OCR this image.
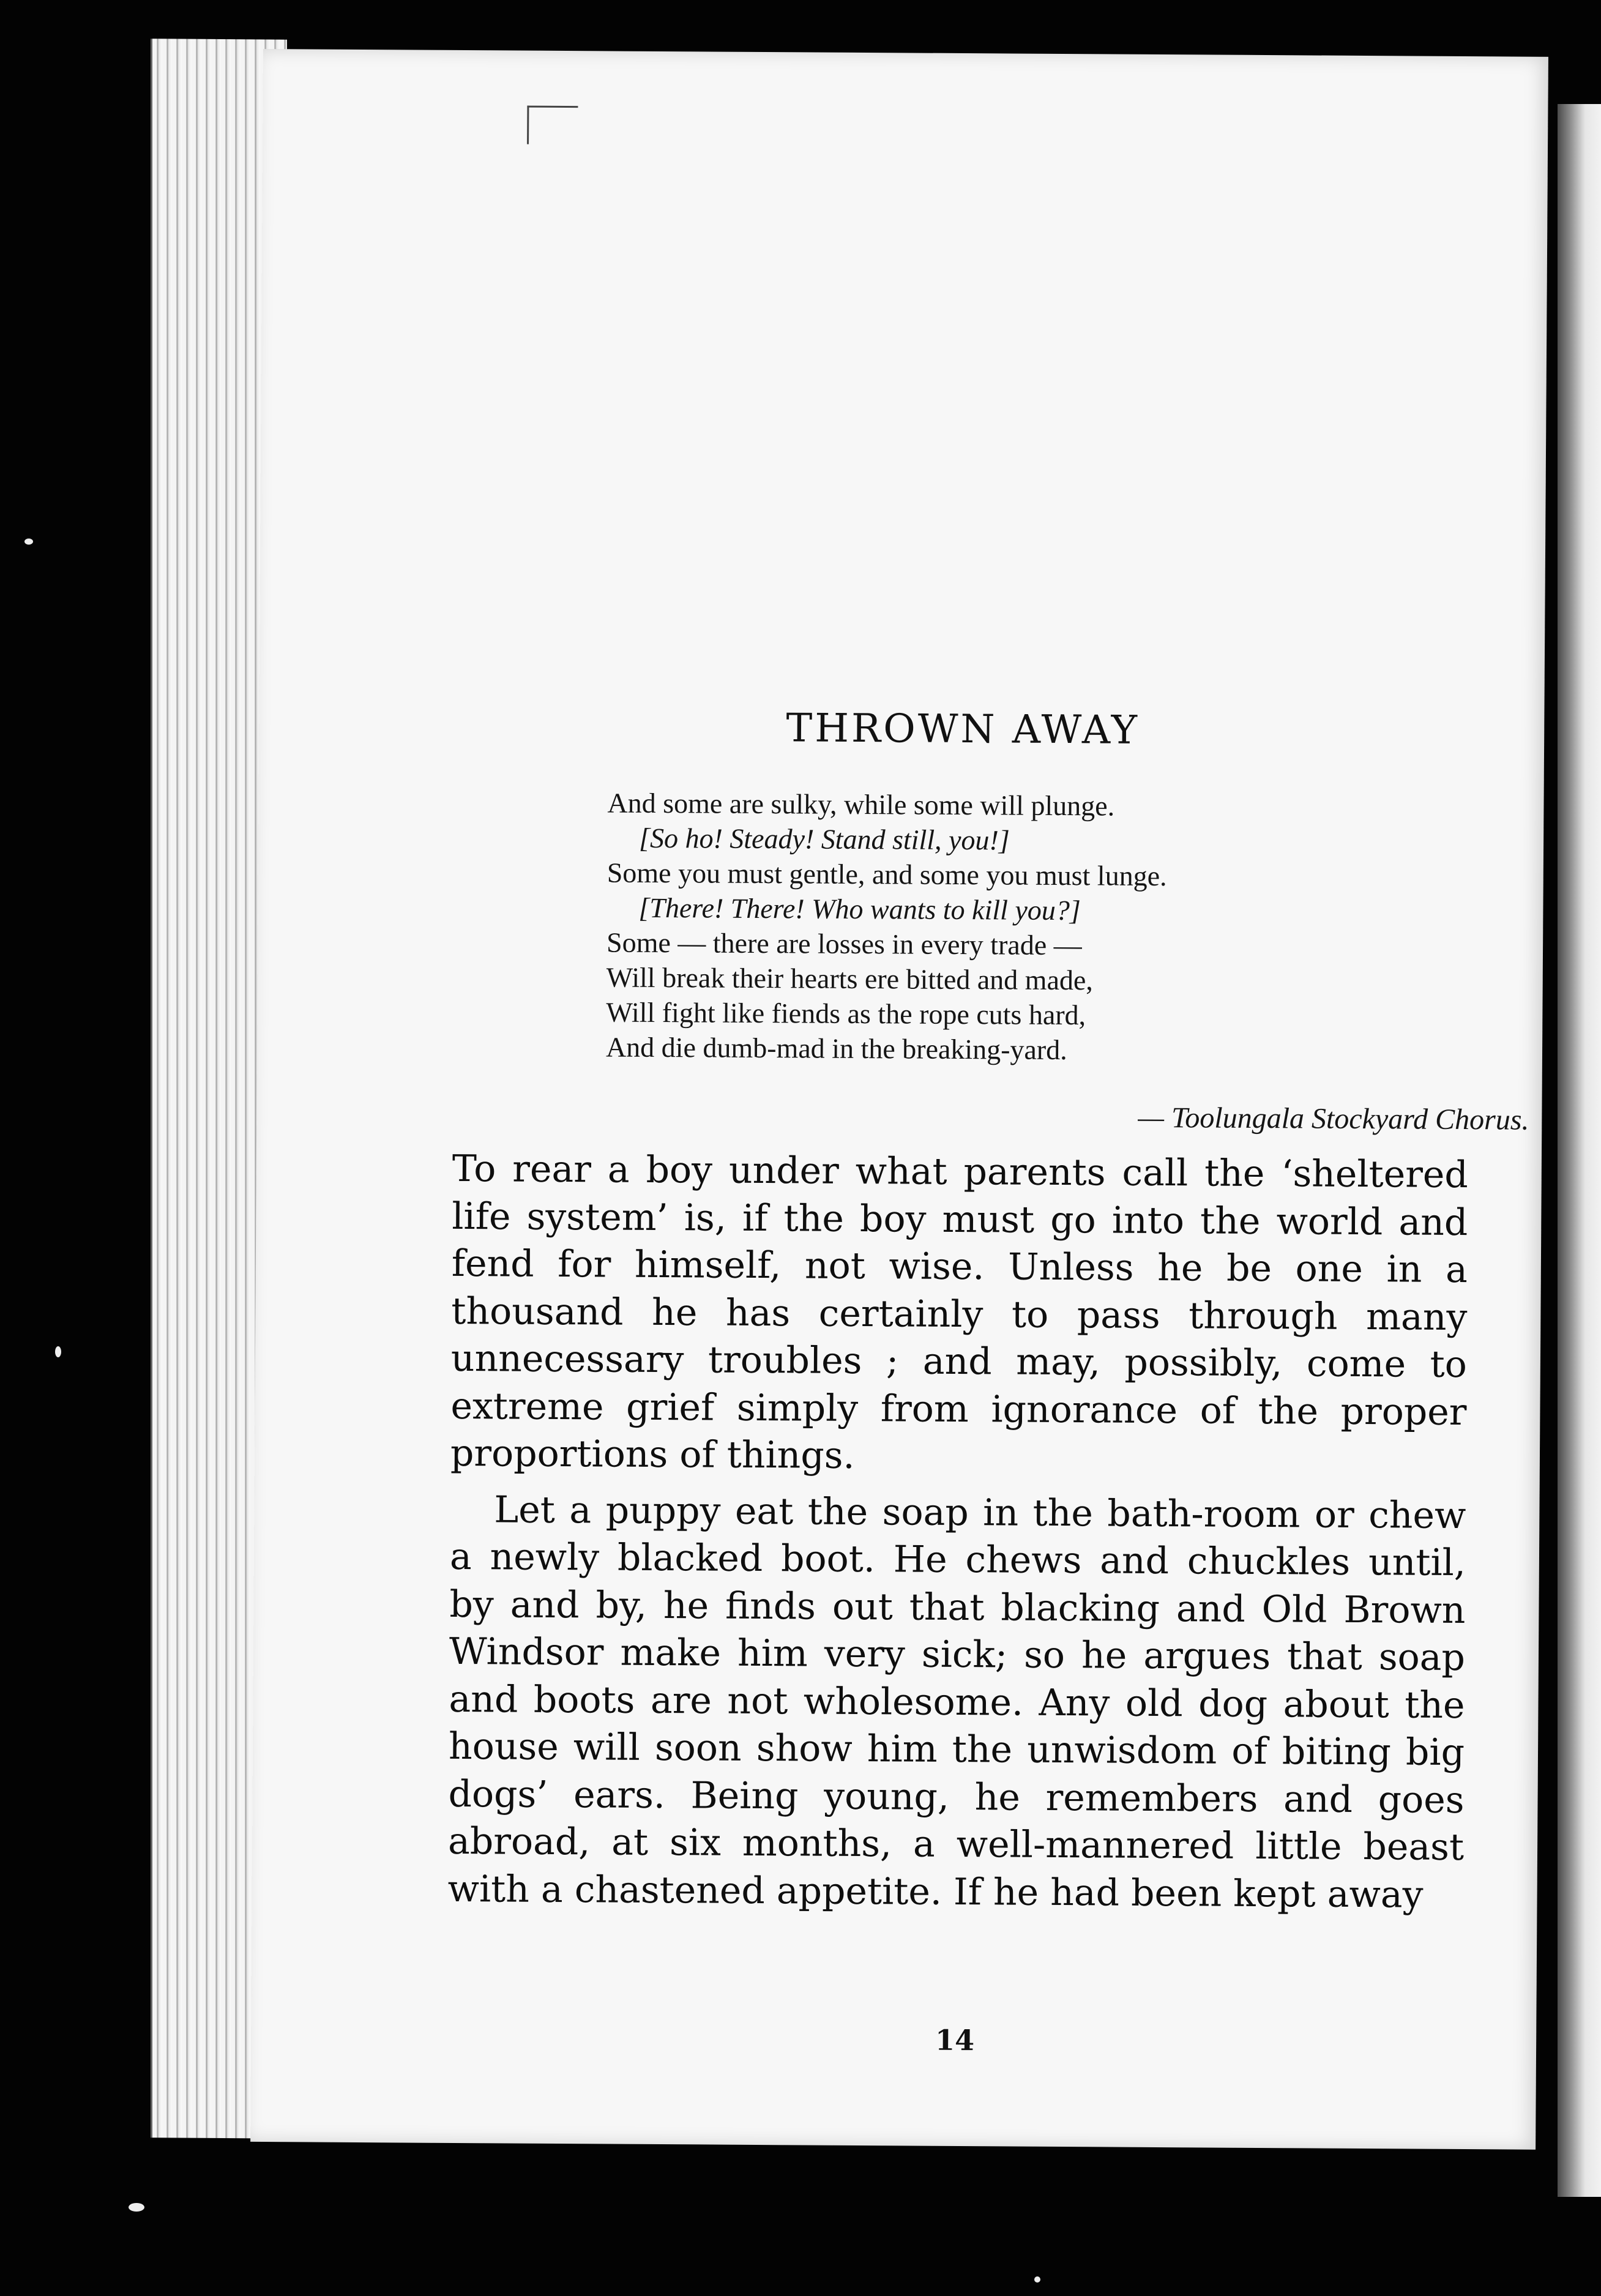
THROWN AWAY
And some are sulky, while some will plunge.
[So ho! Steady! Stand still, you!]
Some you must gentle, and some you must lunge.
[There! There! Who wants to kill you?]
Some — there are losses in every trade —
Will break their hearts ere bitted and made,
Will fight like fiends as the rope cuts hard,
And die dumb-mad in the breaking-yard.
— Toolungala Stockyard Chorus.

To rear a boy under what parents call the ‘sheltered life system’ is, if the boy must go into the world and fend for himself, not wise. Unless he be one in a thousand he has certainly to pass through many unnecessary troubles ; and may, possibly, come to extreme grief simply from ignorance of the proper proportions of things.

Let a puppy eat the soap in the bath-room or chew a newly blacked boot. He chews and chuckles until, by and by, he finds out that blacking and Old Brown Windsor make him very sick; so he argues that soap and boots are not wholesome. Any old dog about the house will soon show him the unwisdom of biting big dogs’ ears. Being young, he remembers and goes abroad, at six months, a well-mannered little beast with a chastened appetite. If he had been kept away

14
